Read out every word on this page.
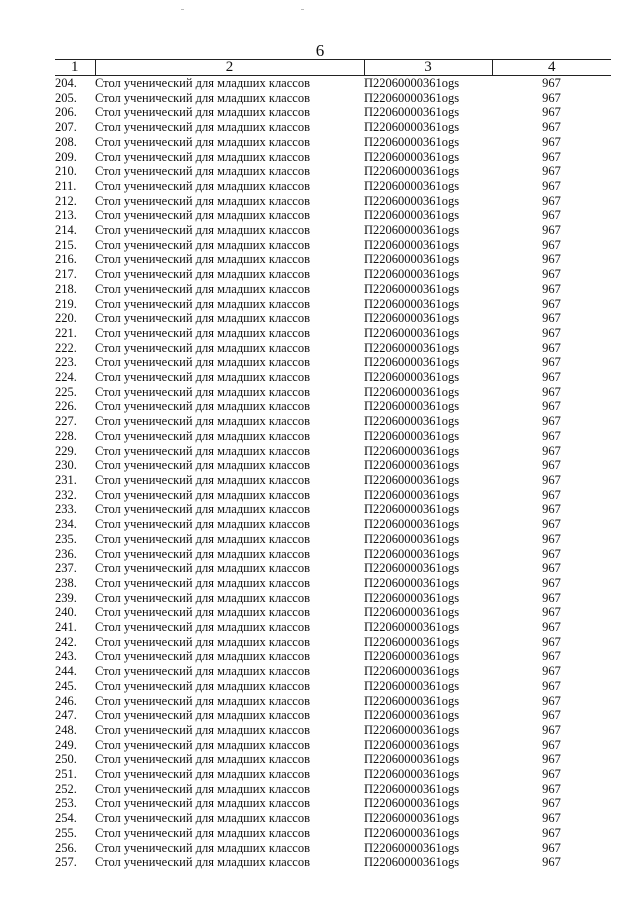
6
1	2	3	4
204.	Стол ученический для младших классов	П22060000361ogs	967
205.	Стол ученический для младших классов	П22060000361ogs	967
206.	Стол ученический для младших классов	П22060000361ogs	967
207.	Стол ученический для младших классов	П22060000361ogs	967
208.	Стол ученический для младших классов	П22060000361ogs	967
209.	Стол ученический для младших классов	П22060000361ogs	967
210.	Стол ученический для младших классов	П22060000361ogs	967
211.	Стол ученический для младших классов	П22060000361ogs	967
212.	Стол ученический для младших классов	П22060000361ogs	967
213.	Стол ученический для младших классов	П22060000361ogs	967
214.	Стол ученический для младших классов	П22060000361ogs	967
215.	Стол ученический для младших классов	П22060000361ogs	967
216.	Стол ученический для младших классов	П22060000361ogs	967
217.	Стол ученический для младших классов	П22060000361ogs	967
218.	Стол ученический для младших классов	П22060000361ogs	967
219.	Стол ученический для младших классов	П22060000361ogs	967
220.	Стол ученический для младших классов	П22060000361ogs	967
221.	Стол ученический для младших классов	П22060000361ogs	967
222.	Стол ученический для младших классов	П22060000361ogs	967
223.	Стол ученический для младших классов	П22060000361ogs	967
224.	Стол ученический для младших классов	П22060000361ogs	967
225.	Стол ученический для младших классов	П22060000361ogs	967
226.	Стол ученический для младших классов	П22060000361ogs	967
227.	Стол ученический для младших классов	П22060000361ogs	967
228.	Стол ученический для младших классов	П22060000361ogs	967
229.	Стол ученический для младших классов	П22060000361ogs	967
230.	Стол ученический для младших классов	П22060000361ogs	967
231.	Стол ученический для младших классов	П22060000361ogs	967
232.	Стол ученический для младших классов	П22060000361ogs	967
233.	Стол ученический для младших классов	П22060000361ogs	967
234.	Стол ученический для младших классов	П22060000361ogs	967
235.	Стол ученический для младших классов	П22060000361ogs	967
236.	Стол ученический для младших классов	П22060000361ogs	967
237.	Стол ученический для младших классов	П22060000361ogs	967
238.	Стол ученический для младших классов	П22060000361ogs	967
239.	Стол ученический для младших классов	П22060000361ogs	967
240.	Стол ученический для младших классов	П22060000361ogs	967
241.	Стол ученический для младших классов	П22060000361ogs	967
242.	Стол ученический для младших классов	П22060000361ogs	967
243.	Стол ученический для младших классов	П22060000361ogs	967
244.	Стол ученический для младших классов	П22060000361ogs	967
245.	Стол ученический для младших классов	П22060000361ogs	967
246.	Стол ученический для младших классов	П22060000361ogs	967
247.	Стол ученический для младших классов	П22060000361ogs	967
248.	Стол ученический для младших классов	П22060000361ogs	967
249.	Стол ученический для младших классов	П22060000361ogs	967
250.	Стол ученический для младших классов	П22060000361ogs	967
251.	Стол ученический для младших классов	П22060000361ogs	967
252.	Стол ученический для младших классов	П22060000361ogs	967
253.	Стол ученический для младших классов	П22060000361ogs	967
254.	Стол ученический для младших классов	П22060000361ogs	967
255.	Стол ученический для младших классов	П22060000361ogs	967
256.	Стол ученический для младших классов	П22060000361ogs	967
257.	Стол ученический для младших классов	П22060000361ogs	967
